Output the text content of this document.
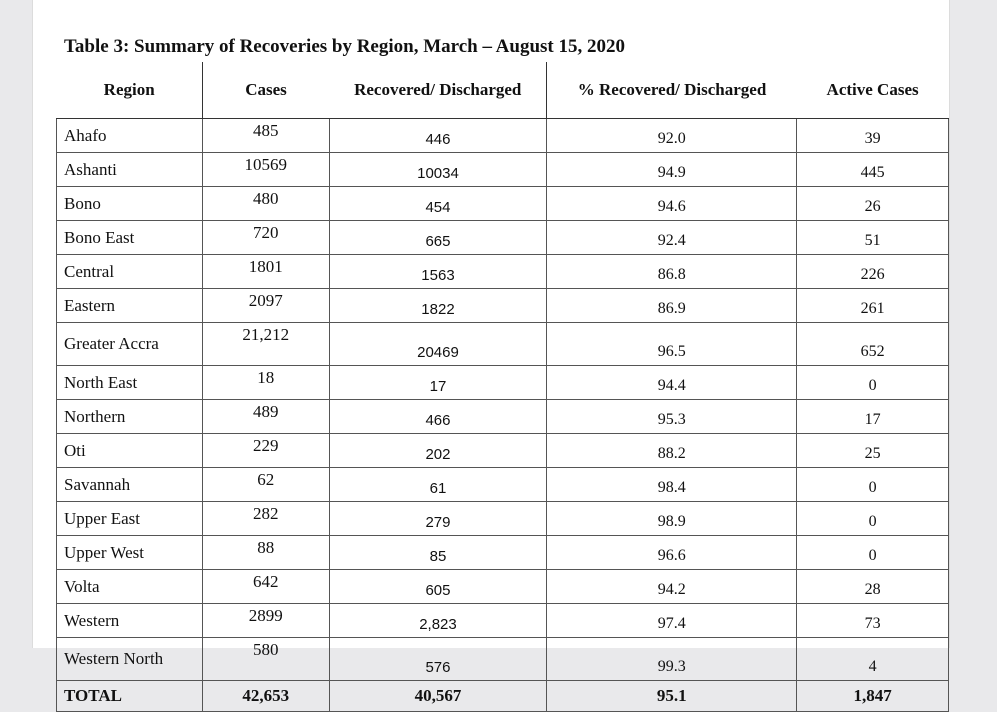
Table 3: Summary of Recoveries by Region, March – August 15, 2020
Region	Cases	Recovered/ Discharged	% Recovered/ Discharged	Active Cases
Ahafo	485	446	92.0	39
Ashanti	10569	10034	94.9	445
Bono	480	454	94.6	26
Bono East	720	665	92.4	51
Central	1801	1563	86.8	226
Eastern	2097	1822	86.9	261
Greater Accra	21,212	20469	96.5	652
North East	18	17	94.4	0
Northern	489	466	95.3	17
Oti	229	202	88.2	25
Savannah	62	61	98.4	0
Upper East	282	279	98.9	0
Upper West	88	85	96.6	0
Volta	642	605	94.2	28
Western	2899	2,823	97.4	73
Western North	580	576	99.3	4
TOTAL	42,653	40,567	95.1	1,847
